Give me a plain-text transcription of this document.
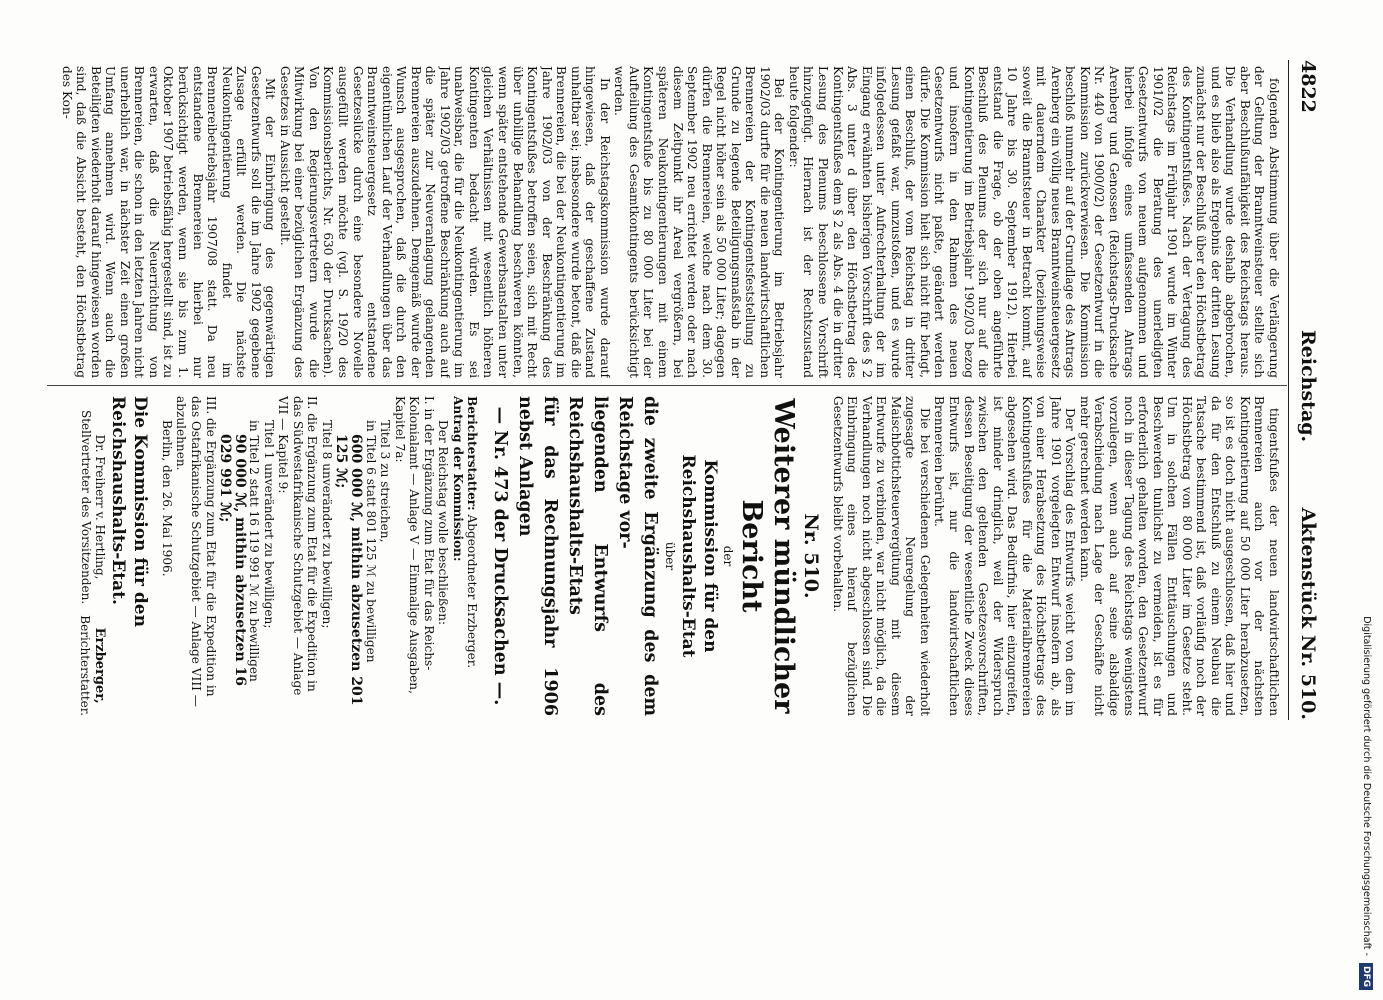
4822
Reichstag.
Aktenstück Nr. 510.

folgenden Abstimmung über die Verlängerung der Geltung der Branntweinsteuer stellte sich aber Beschlußunfähigkeit des Reichstags heraus. Die Verhandlung wurde deshalb abgebrochen, und es blieb also als Ergebnis der dritten Lesung zunächst nur der Beschluß über den Höchstbetrag des Kontingentsfußes. Nach der Vertagung des Reichstags im Frühjahr 1901 wurde im Winter 1901/02 die Beratung des unerledigten Gesetzentwurfs von neuem aufgenommen und hierbei infolge eines umfassenden Antrags Arenberg und Genossen (Reichstags-Drucksache Nr. 440 von 1900/02) der Gesetzentwurf in die Kommission zurückverwiesen. Die Kommission beschloß nunmehr auf der Grundlage des Antrags Arenberg ein völlig neues Branntweinsteuergesetz mit dauerndem Charakter (beziehungsweise soweit die Branntsteuer in Betracht kommt, auf 10 Jahre bis 30. September 1912). Hierbei entstand die Frage, ob der oben angeführte Beschluß des Plenums der sich nur auf die Kontingentierung im Betriebsjahr 1902/03 bezog und insofern in den Rahmen des neuen Gesetzentwurfs nicht paßte, geändert werden dürfe. Die Kommission hielt sich nicht für befugt, einen Beschluß, der vom Reichstag in dritter Lesung gefaßt war, umzustoßen, und es wurde infolgedessen unter Aufrechterhaltung der im Eingang erwähnten bisherigen Vorschrift des § 2 Abs. 3 unter d über den Höchstbetrag des Kontingentsfußes dem § 2 als Abs. 4 die in dritter Lesung des Plenums beschlossene Vorschrift hinzugefügt. Hiernach ist der Rechtszustand heute folgender:

Bei der Kontingentierung im Betriebsjahr 1902/03 durfte für die neuen landwirtschaftlichen Brennereien der Kontingentsfeststellung zu Grunde zu legende Beteiligungsmaßstab in der Regel nicht höher sein als 50 000 Liter; dagegen dürfen die Brennereien, welche nach dem 30. September 1902 neu errichtet werden oder nach diesem Zeitpunkt ihr Areal vergrößern, bei späteren Neukontingentierungen mit einem Kontingentsfuße bis zu 80 000 Liter bei der Aufteilung des Gesamtkontingents berücksichtigt werden.

In der Reichstagskommission wurde darauf hingewiesen, daß der geschaffene Zustand unhaltbar sei; insbesondere wurde betont, daß die Brennereien, die bei der Neukontingentierung im Jahre 1902/03 von der Beschränkung des Kontingentsfußes betroffen seien, sich mit Recht über unbillige Behandlung beschweren könnten, wenn später entstehende Gewerbsanstalten unter gleichen Verhältnissen mit wesentlich höheren Kontingenten bedacht würden. Es sei unabweisbar, die für die Neukontingentierung im Jahre 1902/03 getroffene Beschränkung auch auf die später zur Neuveranlagung gelangenden Brennereien auszudehnen. Demgemäß wurde der Wunsch ausgesprochen, daß die durch den eigentümlichen Lauf der Verhandlungen über das Branntweinsteuergesetz entstandene Gesetzeslücke durch eine besondere Novelle ausgefüllt werden möchte (vgl. S. 19/20 des Kommissionsberichts, Nr. 630 der Drucksachen). Von den Regierungsvertretern wurde die Mitwirkung bei einer bezüglichen Ergänzung des Gesetzes in Aussicht gestellt.

Mit der Einbringung des gegenwärtigen Gesetzentwurfs soll die im Jahre 1902 gegebene Zusage erfüllt werden. Die nächste Neukontingentierung findet im Brennereibetriebsjahr 1907/08 statt. Da neu entstandene Brennereien hierbei nur berücksichtigt werden, wenn sie bis zum 1. Oktober 1907 betriebsfähig hergestellt sind, ist zu erwarten, daß die Neuerrichtung von Brennereien, die schon in den letzten Jahren nicht unerheblich war, in nächster Zeit einen großen Umfang annehmen wird. Wenn auch die Beteiligten wiederholt darauf hingewiesen worden sind, daß die Absicht besteht, den Höchstbetrag des Kon-

tingentsfußes der neuen landwirtschaftlichen Brennereien auch vor der nächsten Kontingentierung auf 50 000 Liter herabzusetzen, so ist es doch nicht ausgeschlossen, daß hier und da für den Entschluß zu einem Neubau die Tatsache bestimmend ist, daß vorläufig noch der Höchstbetrag von 80 000 Liter im Gesetze steht. Um in solchen Fällen Enttäuschungen und Beschwerden tunlichst zu vermeiden, ist es für erforderlich gehalten worden, den Gesetzentwurf noch in dieser Tagung des Reichstags wenigstens vorzulegen, wenn auch auf seine alsbaldige Verabschiedung nach Lage der Geschäfte nicht mehr gerechnet werden kann.

Der Vorschlag des Entwurfs weicht von dem im Jahre 1901 vorgelegten Entwurf insofern ab, als von einer Herabsetzung des Höchstbetrags des Kontingentsfußes für die Materialbrennereien abgesehen wird. Das Bedürfnis, hier einzugreifen, ist minder dringlich, weil der Widerspruch zwischen den geltenden Gesetzesvorschriften, dessen Beseitigung der wesentliche Zweck dieses Entwurfs ist, nur die landwirtschaftlichen Brennereien berührt.

Die bei verschiedenen Gelegenheiten wiederholt zugesagte Neuregelung der Maischbottichsteuervergütung mit diesem Entwurfe zu verbinden, war nicht möglich, da die Verhandlungen noch nicht abgeschlossen sind. Die Einbringung eines hierauf bezüglichen Gesetzentwurfs bleibt vorbehalten.

Nr. 510.
Weiterer mündlicher Bericht
der
Kommission für den Reichshaushalts-Etat
über
die zweite Ergänzung des dem Reichstage vor-
liegenden Entwurfs des Reichshaushalts-Etats
für das Rechnungsjahr 1906 nebst Anlagen
— Nr. 473 der Drucksachen —.
Berichterstatter: Abgeordneter Erzberger.
Antrag der Kommission:
Der Reichstag wolle beschließen:
I. in der Ergänzung zum Etat für das Reichs-Kolonialamt — Anlage V — Einmalige Ausgaben, Kapitel 7a:
Titel 3 zu streichen,
in Titel 6 statt 801 125 ℳ zu bewilligen
600 000 ℳ, mithin abzusetzen 201 125 ℳ;
Titel 8 unverändert zu bewilligen;
II. die Ergänzung zum Etat für die Expedition in das Südwestafrikanische Schutzgebiet — Anlage VII — Kapitel 9:
Titel 1 unverändert zu bewilligen;
in Titel 2 statt 16 119 991 ℳ zu bewilligen
90 000 ℳ, mithin abzusetzen 16 029 991 ℳ;
III. die Ergänzung zum Etat für die Expedition in das Ostafrikanische Schutzgebiet — Anlage VIII — abzulehnen.
Berlin, den 26. Mai 1906.
Die Kommission für den Reichshaushalts-Etat.
Dr. Freiherr v. Hertling,
Stellvertreter des Vorsitzenden.
Erzberger,
Berichterstatter.	Digitalisierung gefördert durch die Deutsche Forschungsgemeinschaft - DFG
